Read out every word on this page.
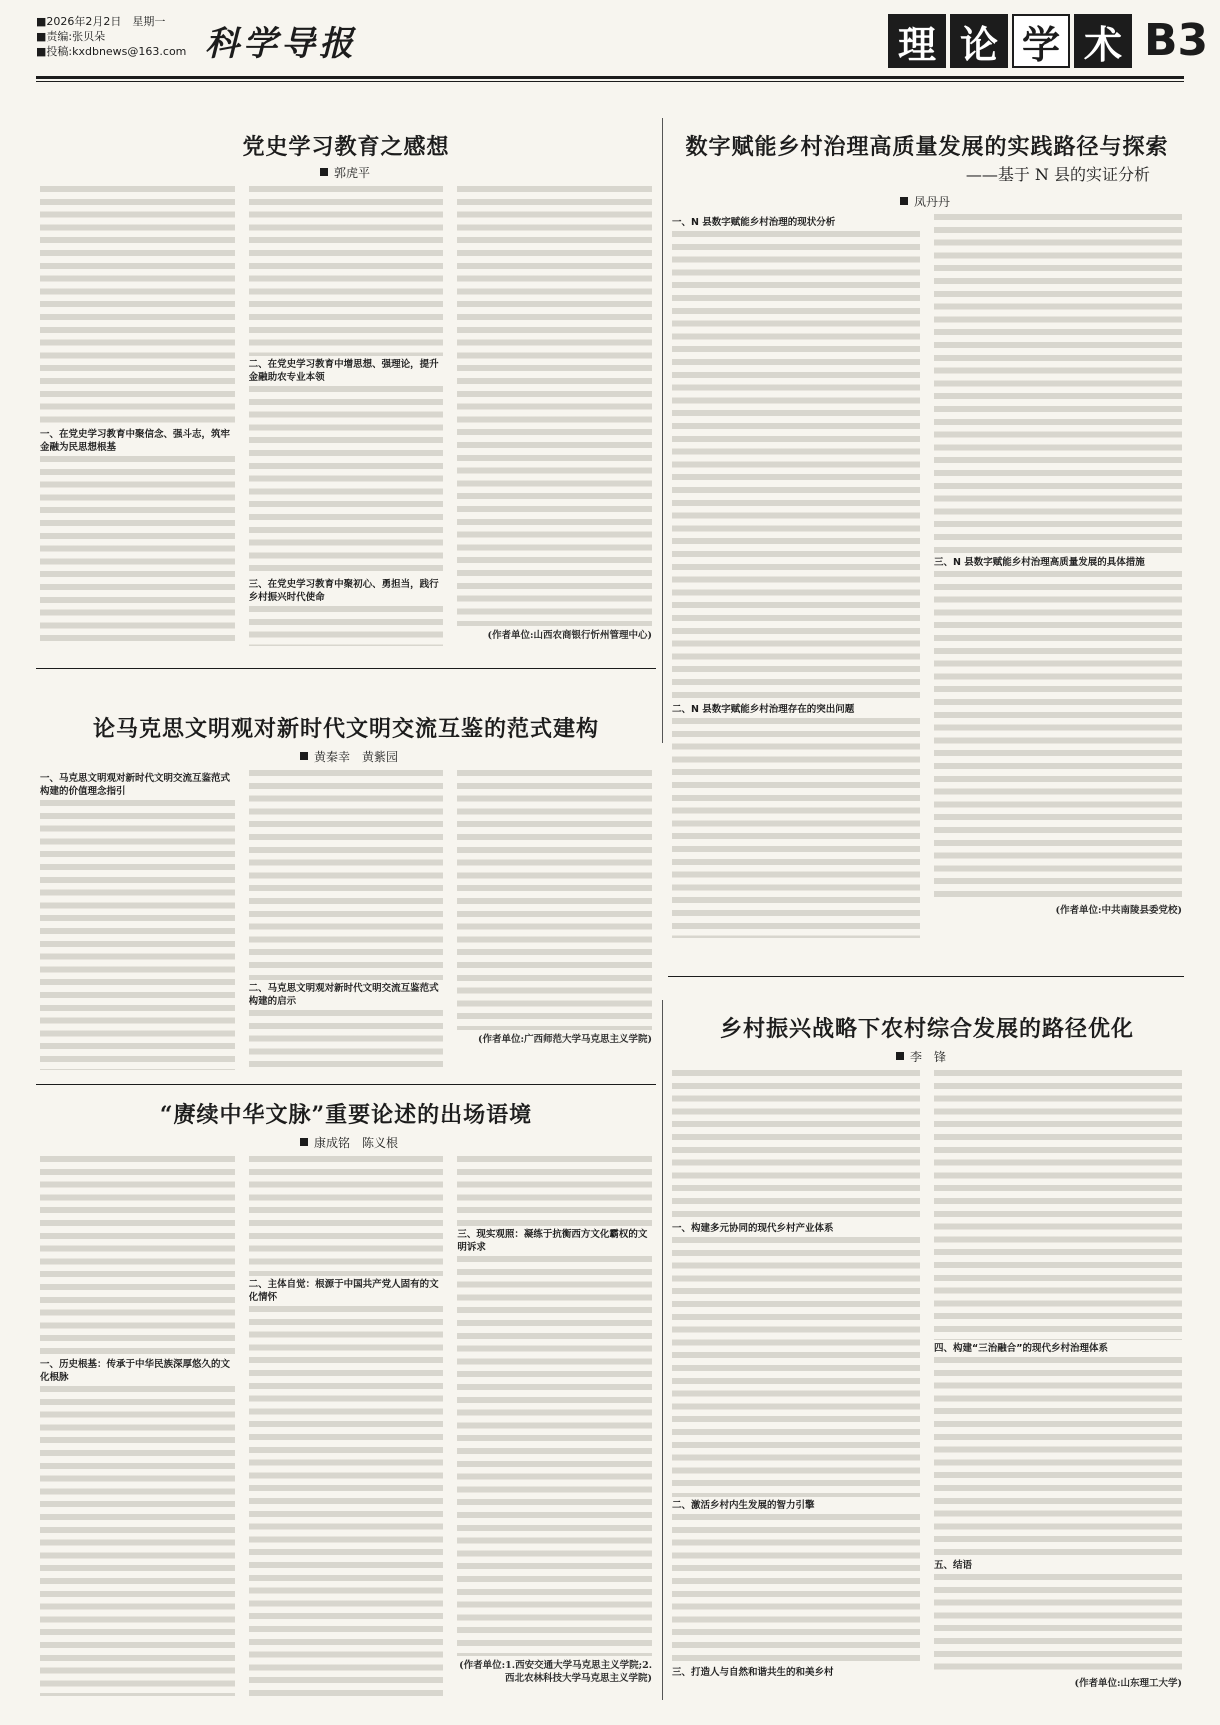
■2026年2月2日　星期一
■责编:张贝朵
■投稿:kxdbnews@163.com 科学导报	理 论 学 术 B3
党史学习教育之感想
郭虎平
一、在党史学习教育中聚信念、强斗志，筑牢金融为民思想根基
二、在党史学习教育中增思想、强理论，提升金融助农专业本领
三、在党史学习教育中聚初心、勇担当，践行乡村振兴时代使命

(作者单位:山西农商银行忻州管理中心)

数字赋能乡村治理高质量发展的实践路径与探索
——基于 N 县的实证分析
凤丹丹
一、N 县数字赋能乡村治理的现状分析
二、N 县数字赋能乡村治理存在的突出问题
三、N 县数字赋能乡村治理高质量发展的具体措施

(作者单位:中共南陵县委党校)

论马克思文明观对新时代文明交流互鉴的范式建构
黄秦幸　黄紫园
一、马克思文明观对新时代文明交流互鉴范式构建的价值理念指引
二、马克思文明观对新时代文明交流互鉴范式构建的启示

(作者单位:广西师范大学马克思主义学院)	乡村振兴战略下农村综合发展的路径优化
李　锋
一、构建多元协同的现代乡村产业体系
二、激活乡村内生发展的智力引擎
三、打造人与自然和谐共生的和美乡村
四、构建“三治融合”的现代乡村治理体系
五、结语

(作者单位:山东理工大学)

“赓续中华文脉”重要论述的出场语境
康成铭　陈义根
一、历史根基：传承于中华民族深厚悠久的文化根脉
二、主体自觉：根源于中国共产党人固有的文化情怀
三、现实观照：凝练于抗衡西方文化霸权的文明诉求

(作者单位:1.西安交通大学马克思主义学院;2.西北农林科技大学马克思主义学院)
